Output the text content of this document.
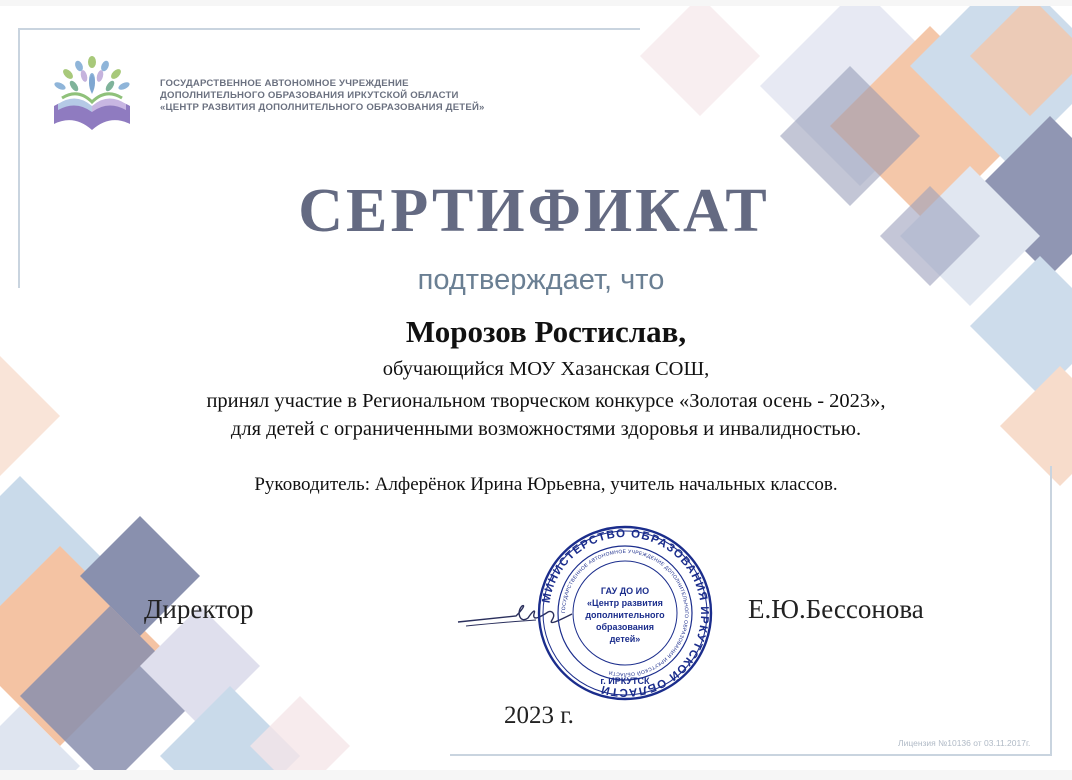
ГОСУДАРСТВЕННОЕ АВТОНОМНОЕ УЧРЕЖДЕНИЕ
ДОПОЛНИТЕЛЬНОГО ОБРАЗОВАНИЯ ИРКУТСКОЙ ОБЛАСТИ
«ЦЕНТР РАЗВИТИЯ ДОПОЛНИТЕЛЬНОГО ОБРАЗОВАНИЯ ДЕТЕЙ»
СЕРТИФИКАТ
подтверждает, что
Морозов Ростислав,
обучающийся МОУ Хазанская СОШ,
принял участие в Региональном творческом конкурсе «Золотая осень - 2023»,
для детей с ограниченными возможностями здоровья и инвалидностью.
Руководитель: Алферёнок Ирина Юрьевна, учитель начальных классов.
Директор	МИНИСТЕРСТВО ОБРАЗОВАНИЯ ИРКУТСКОЙ ОБЛАСТИ
ГОСУДАРСТВЕННОЕ АВТОНОМНОЕ УЧРЕЖДЕНИЕ ДОПОЛНИТЕЛЬНОГО ОБРАЗОВАНИЯ ИРКУТСКОЙ ОБЛАСТИ
ГАУ ДО ИО
«Центр развития
дополнительного
образования
детей»
г. ИРКУТСК
Е.Ю.Бессонова
2023 г.
Лицензия №10136 от 03.11.2017г.
